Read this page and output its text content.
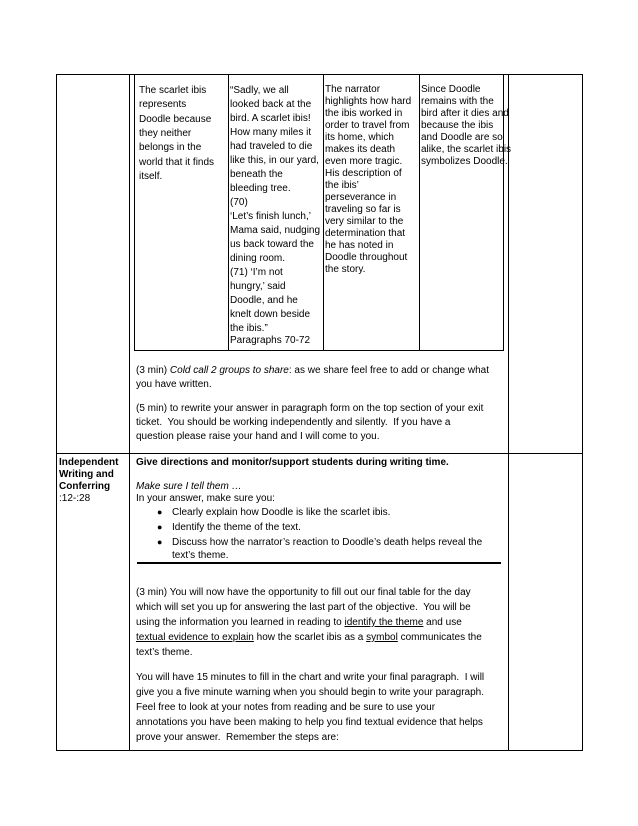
The scarlet ibis
represents
Doodle because
they neither
belongs in the
world that it finds
itself.
“Sadly, we all
looked back at the
bird. A scarlet ibis!
How many miles it
had traveled to die
like this, in our yard,
beneath the
bleeding tree.
(70)
‘Let’s finish lunch,’
Mama said, nudging
us back toward the
dining room.
(71) ‘I’m not
hungry,’ said
Doodle, and he
knelt down beside
the ibis.”
Paragraphs 70-72
The narrator
highlights how hard
the ibis worked in
order to travel from
its home, which
makes its death
even more tragic.
His description of
the ibis’
perseverance in
traveling so far is
very similar to the
determination that
he has noted in
Doodle throughout
the story.
Since Doodle
remains with the
bird after it dies and
because the ibis
and Doodle are so
alike, the scarlet ibis
symbolizes Doodle.
(3 min) Cold call 2 groups to share: as we share feel free to add or change what
you have written.
(5 min) to rewrite your answer in paragraph form on the top section of your exit
ticket.  You should be working independently and silently.  If you have a
question please raise your hand and I will come to you.
Independent
Writing and
Conferring
:12-:28
Give directions and monitor/support students during writing time.
Make sure I tell them …
In your answer, make sure you:
● Clearly explain how Doodle is like the scarlet ibis.
● Identify the theme of the text.
● Discuss how the narrator’s reaction to Doodle’s death helps reveal the
text’s theme.
(3 min) You will now have the opportunity to fill out our final table for the day
which will set you up for answering the last part of the objective.  You will be
using the information you learned in reading to identify the theme and use
textual evidence to explain how the scarlet ibis as a symbol communicates the
text’s theme.
You will have 15 minutes to fill in the chart and write your final paragraph.  I will
give you a five minute warning when you should begin to write your paragraph.
Feel free to look at your notes from reading and be sure to use your
annotations you have been making to help you find textual evidence that helps
prove your answer.  Remember the steps are:
